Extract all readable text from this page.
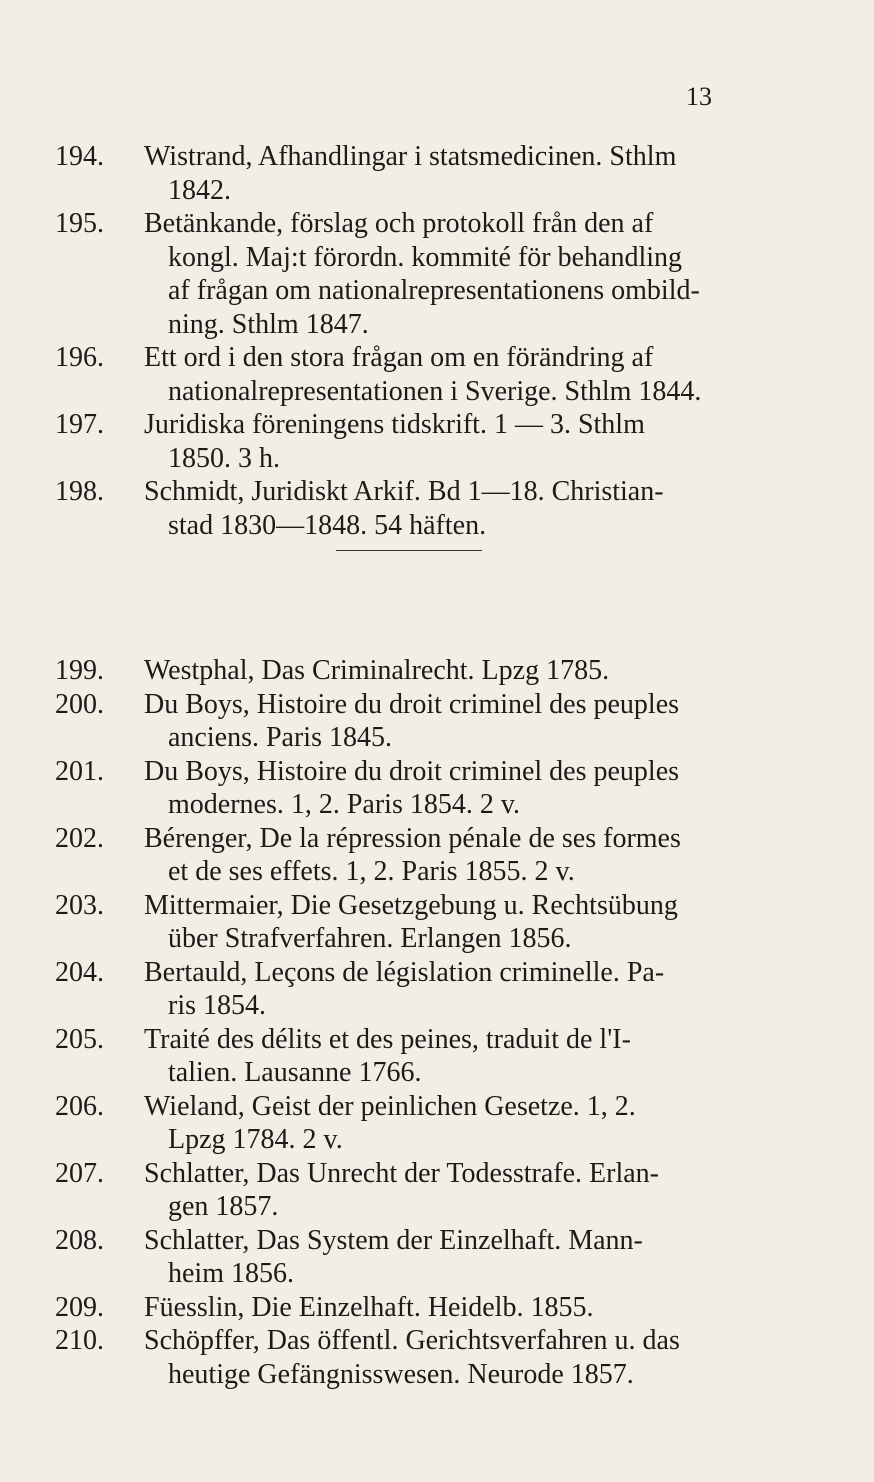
13
194.	Wistrand, Afhandlingar i statsmedicinen. Sthlm
1842.
195.	Betänkande, förslag och protokoll från den af
kongl. Maj:t förordn. kommité för behandling
af frågan om nationalrepresentationens ombild-
ning. Sthlm 1847.
196.	Ett ord i den stora frågan om en förändring af
nationalrepresentationen i Sverige. Sthlm 1844.
197.	Juridiska föreningens tidskrift. 1 — 3. Sthlm
1850. 3 h.
198.	Schmidt, Juridiskt Arkif. Bd 1—18. Christian-
stad 1830—1848. 54 häften.
199.	Westphal, Das Criminalrecht. Lpzg 1785.
200.	Du Boys, Histoire du droit criminel des peuples
anciens. Paris 1845.
201.	Du Boys, Histoire du droit criminel des peuples
modernes. 1, 2. Paris 1854. 2 v.
202.	Bérenger, De la répression pénale de ses formes
et de ses effets. 1, 2. Paris 1855. 2 v.
203.	Mittermaier, Die Gesetzgebung u. Rechtsübung
über Strafverfahren. Erlangen 1856.
204.	Bertauld, Leçons de législation criminelle. Pa-
ris 1854.
205.	Traité des délits et des peines, traduit de l'I-
talien. Lausanne 1766.
206.	Wieland, Geist der peinlichen Gesetze. 1, 2.
Lpzg 1784. 2 v.
207.	Schlatter, Das Unrecht der Todesstrafe. Erlan-
gen 1857.
208.	Schlatter, Das System der Einzelhaft. Mann-
heim 1856.
209.	Füesslin, Die Einzelhaft. Heidelb. 1855.
210.	Schöpffer, Das öffentl. Gerichtsverfahren u. das
heutige Gefängnisswesen. Neurode 1857.
